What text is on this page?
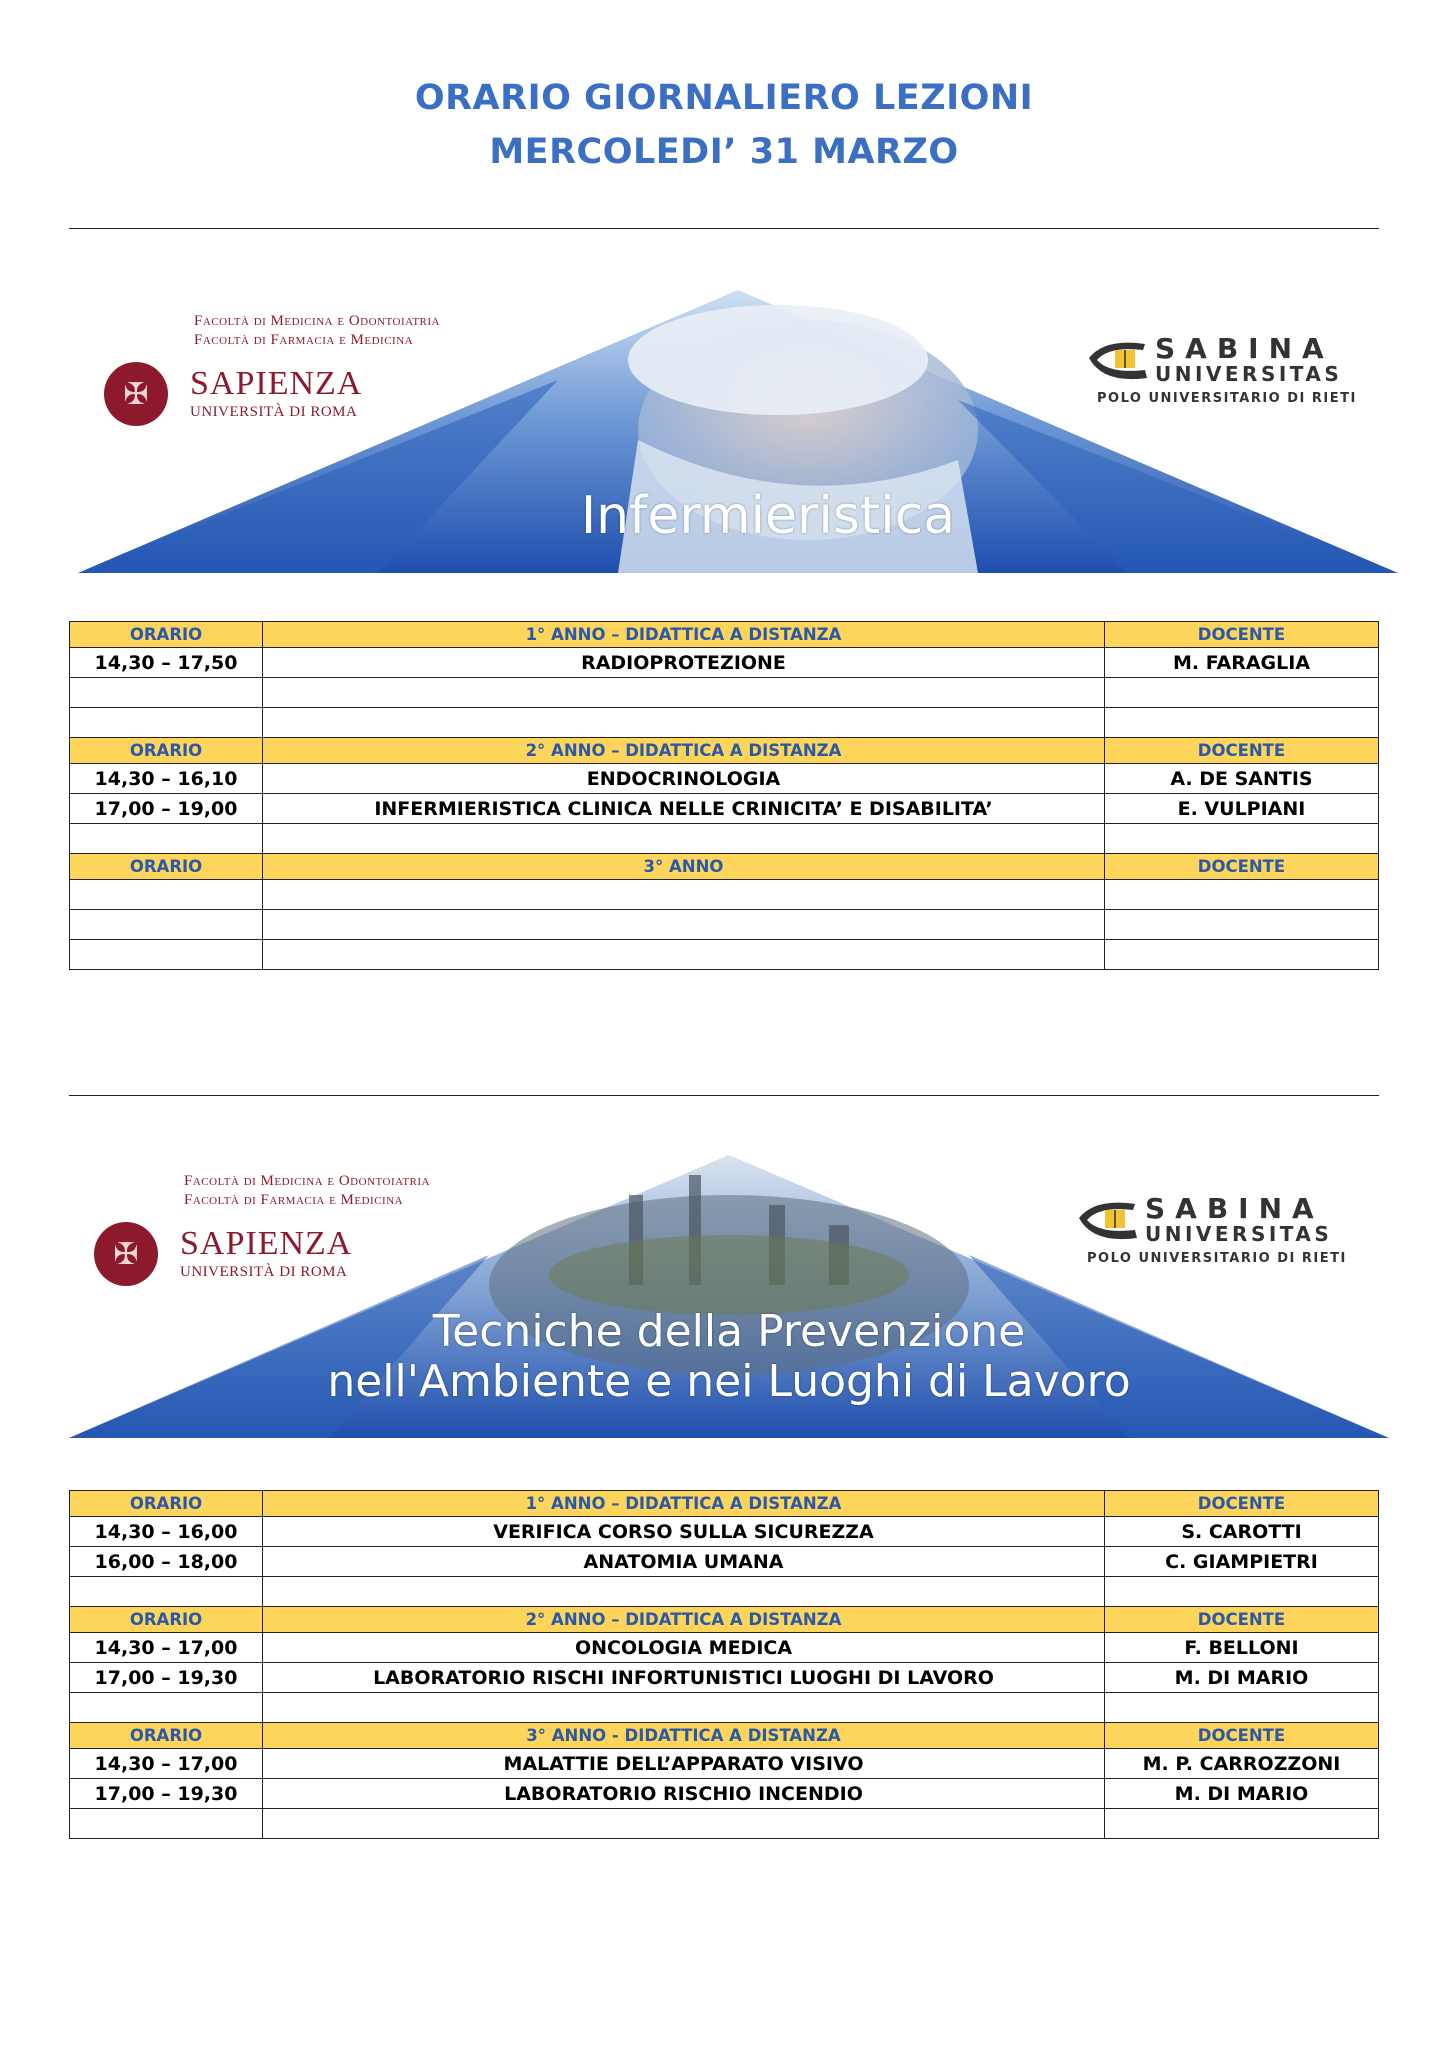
ORARIO GIORNALIERO LEZIONI
MERCOLEDI’ 31 MARZO
Infermieristica
Facoltà di Medicina e Odontoiatria
Facoltà di Farmacia e Medicina
✠	SAPIENZA
UNIVERSITÀ DI ROMA
SABINA
UNIVERSITAS
POLO UNIVERSITARIO DI RIETI
ORARIO	1° ANNO – DIDATTICA A DISTANZA	DOCENTE
14,30 – 17,50	RADIOPROTEZIONE	M. FARAGLIA

ORARIO	2° ANNO – DIDATTICA A DISTANZA	DOCENTE
14,30 – 16,10	ENDOCRINOLOGIA	A. DE SANTIS
17,00 – 19,00	INFERMIERISTICA CLINICA NELLE CRINICITA’ E DISABILITA’	E. VULPIANI

ORARIO	3° ANNO	DOCENTE

Tecniche della Prevenzione
nell'Ambiente e nei Luoghi di Lavoro
Facoltà di Medicina e Odontoiatria
Facoltà di Farmacia e Medicina
✠	SAPIENZA
UNIVERSITÀ DI ROMA
SABINA
UNIVERSITAS
POLO UNIVERSITARIO DI RIETI
ORARIO	1° ANNO – DIDATTICA A DISTANZA	DOCENTE
14,30 – 16,00	VERIFICA CORSO SULLA SICUREZZA	S. CAROTTI
16,00 – 18,00	ANATOMIA UMANA	C. GIAMPIETRI

ORARIO	2° ANNO – DIDATTICA A DISTANZA	DOCENTE
14,30 – 17,00	ONCOLOGIA MEDICA	F. BELLONI
17,00 – 19,30	LABORATORIO RISCHI INFORTUNISTICI LUOGHI DI LAVORO	M. DI MARIO

ORARIO	3° ANNO - DIDATTICA A DISTANZA	DOCENTE
14,30 – 17,00	MALATTIE DELL’APPARATO VISIVO	M. P. CARROZZONI
17,00 – 19,30	LABORATORIO RISCHIO INCENDIO	M. DI MARIO
